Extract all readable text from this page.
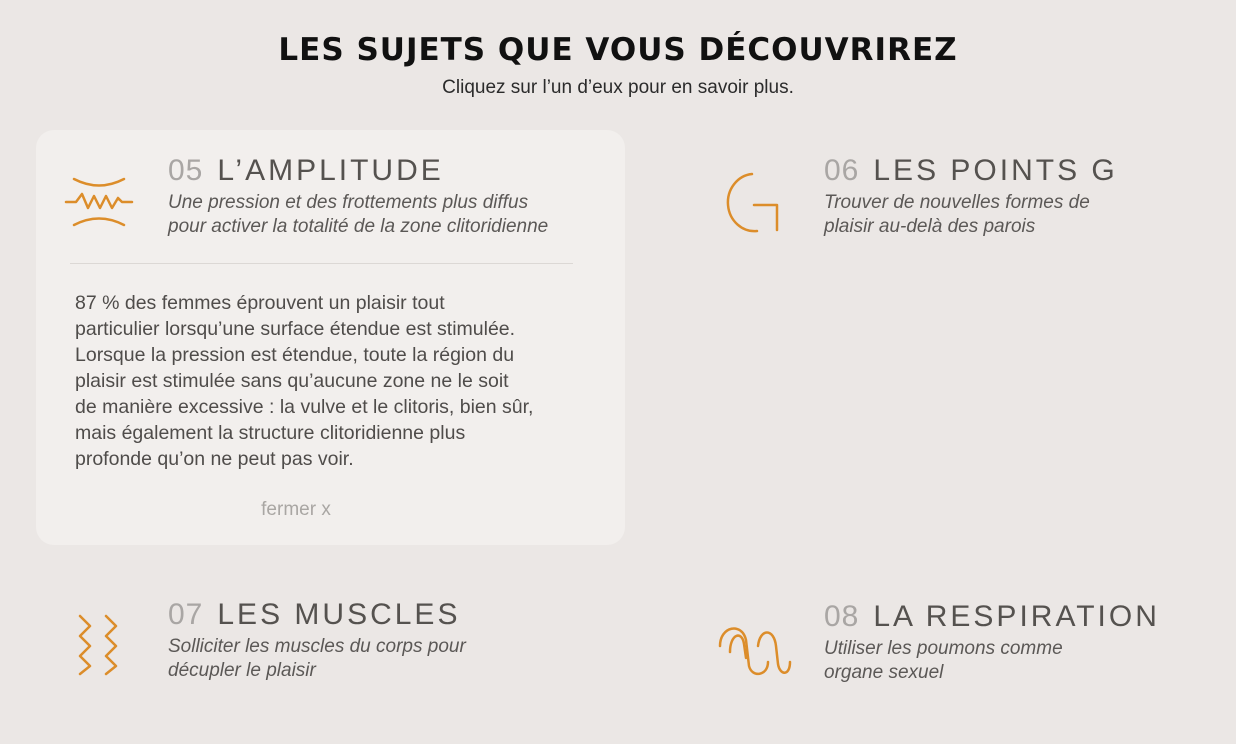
LES SUJETS QUE VOUS DÉCOUVRIREZ
Cliquez sur l’un d’eux pour en savoir plus.
05 L’AMPLITUDE
Une pression et des frottements plus diffus
pour activer la totalité de la zone clitoridienne
87 % des femmes éprouvent un plaisir tout
particulier lorsqu’une surface étendue est stimulée.
Lorsque la pression est étendue, toute la région du
plaisir est stimulée sans qu’aucune zone ne le soit
de manière excessive : la vulve et le clitoris, bien sûr,
mais également la structure clitoridienne plus
profonde qu’on ne peut pas voir.
fermer x
06 LES POINTS G
Trouver de nouvelles formes de
plaisir au-delà des parois
07 LES MUSCLES
Solliciter les muscles du corps pour
décupler le plaisir
08 LA RESPIRATION
Utiliser les poumons comme
organe sexuel
